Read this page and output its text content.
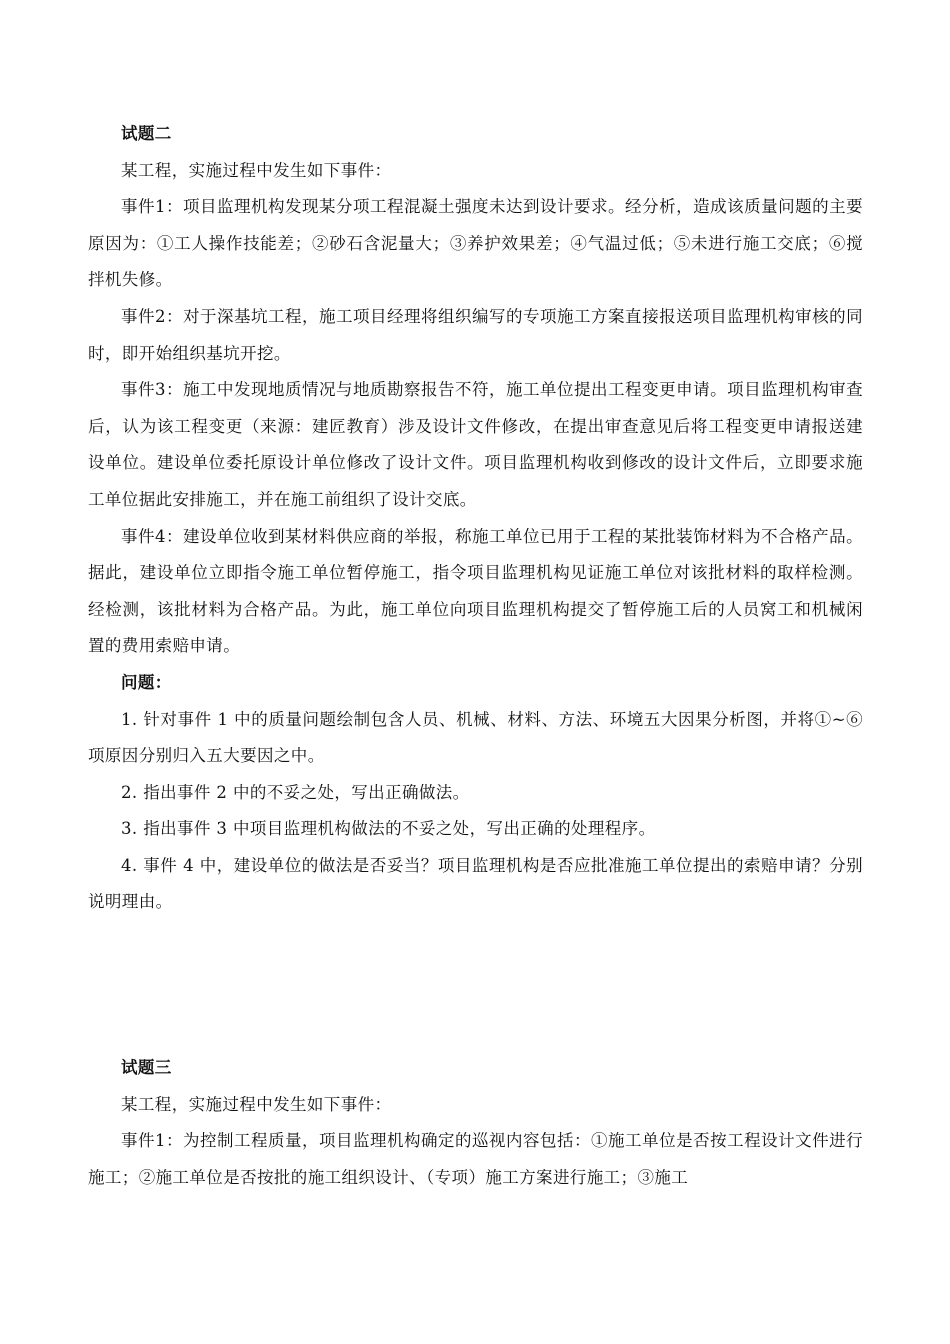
试题二

某工程，实施过程中发生如下事件：

事件1：项目监理机构发现某分项工程混凝土强度未达到设计要求。经分析，造成该质量问题的主要原因为：①工人操作技能差；②砂石含泥量大；③养护效果差；④气温过低；⑤未进行施工交底；⑥搅拌机失修。

事件2：对于深基坑工程，施工项目经理将组织编写的专项施工方案直接报送项目监理机构审核的同时，即开始组织基坑开挖。

事件3：施工中发现地质情况与地质勘察报告不符，施工单位提出工程变更申请。项目监理机构审查后，认为该工程变更（来源：建匠教育）涉及设计文件修改，在提出审查意见后将工程变更申请报送建设单位。建设单位委托原设计单位修改了设计文件。项目监理机构收到修改的设计文件后，立即要求施工单位据此安排施工，并在施工前组织了设计交底。

事件4：建设单位收到某材料供应商的举报，称施工单位已用于工程的某批装饰材料为不合格产品。据此，建设单位立即指令施工单位暂停施工，指令项目监理机构见证施工单位对该批材料的取样检测。经检测，该批材料为合格产品。为此，施工单位向项目监理机构提交了暂停施工后的人员窝工和机械闲置的费用索赔申请。

问题：

1. 针对事件 1 中的质量问题绘制包含人员、机械、材料、方法、环境五大因果分析图，并将①~⑥项原因分别归入五大要因之中。

2. 指出事件 2 中的不妥之处，写出正确做法。

3. 指出事件 3 中项目监理机构做法的不妥之处，写出正确的处理程序。

4. 事件 4 中，建设单位的做法是否妥当？项目监理机构是否应批准施工单位提出的索赔申请？分别说明理由。

试题三

某工程，实施过程中发生如下事件：

事件1：为控制工程质量，项目监理机构确定的巡视内容包括：①施工单位是否按工程设计文件进行施工；②施工单位是否按批的施工组织设计、（专项）施工方案进行施工；③施工
